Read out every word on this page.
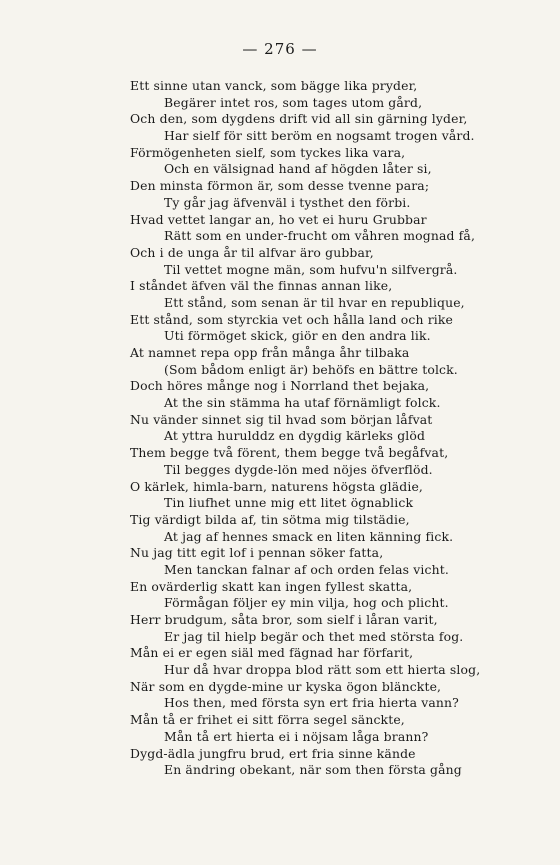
— 276 —
Ett sinne utan vanck, som bägge lika pryder,
Begärer intet ros, som tages utom gård,
Och den, som dygdens drift vid all sin gärning lyder,
Har sielf för sitt beröm en nogsamt trogen vård.
Förmögenheten sielf, som tyckes lika vara,
Och en välsignad hand af högden låter si,
Den minsta förmon är, som desse tvenne para;
Ty går jag äfvenväl i tysthet den förbi.
Hvad vettet langar an, ho vet ei huru Grubbar
Rätt som en under-frucht om våhren mognad få,
Och i de unga år til alfvar äro gubbar,
Til vettet mogne män, som hufvu'n silfvergrå.
I ståndet äfven väl the finnas annan like,
Ett stånd, som senan är til hvar en republique,
Ett stånd, som styrckia vet och hålla land och rike
Uti förmöget skick, giör en den andra lik.
At namnet repa opp från många åhr tilbaka
(Som bådom enligt är) behöfs en bättre tolck.
Doch höres månge nog i Norrland thet bejaka,
At the sin stämma ha utaf förnämligt folck.
Nu vänder sinnet sig til hvad som början låfvat
At yttra hurulddz en dygdig kärleks glöd
Them begge två förent, them begge två begåfvat,
Til begges dygde-lön med nöjes öfverflöd.
O kärlek, himla-barn, naturens högsta glädie,
Tin liufhet unne mig ett litet ögnablick
Tig värdigt bilda af, tin sötma mig tilstädie,
At jag af hennes smack en liten känning fick.
Nu jag titt egit lof i pennan söker fatta,
Men tanckan falnar af och orden felas vicht.
En ovärderlig skatt kan ingen fyllest skatta,
Förmågan följer ey min vilja, hog och plicht.
Herr brudgum, såta bror, som sielf i låran varit,
Er jag til hielp begär och thet med största fog.
Mån ei er egen siäl med fägnad har förfarit,
Hur då hvar droppa blod rätt som ett hierta slog,
När som en dygde-mine ur kyska ögon blänckte,
Hos then, med första syn ert fria hierta vann?
Mån tå er frihet ei sitt förra segel sänckte,
Mån tå ert hierta ei i nöjsam låga brann?
Dygd-ädla jungfru brud, ert fria sinne kände
En ändring obekant, när som then första gång
